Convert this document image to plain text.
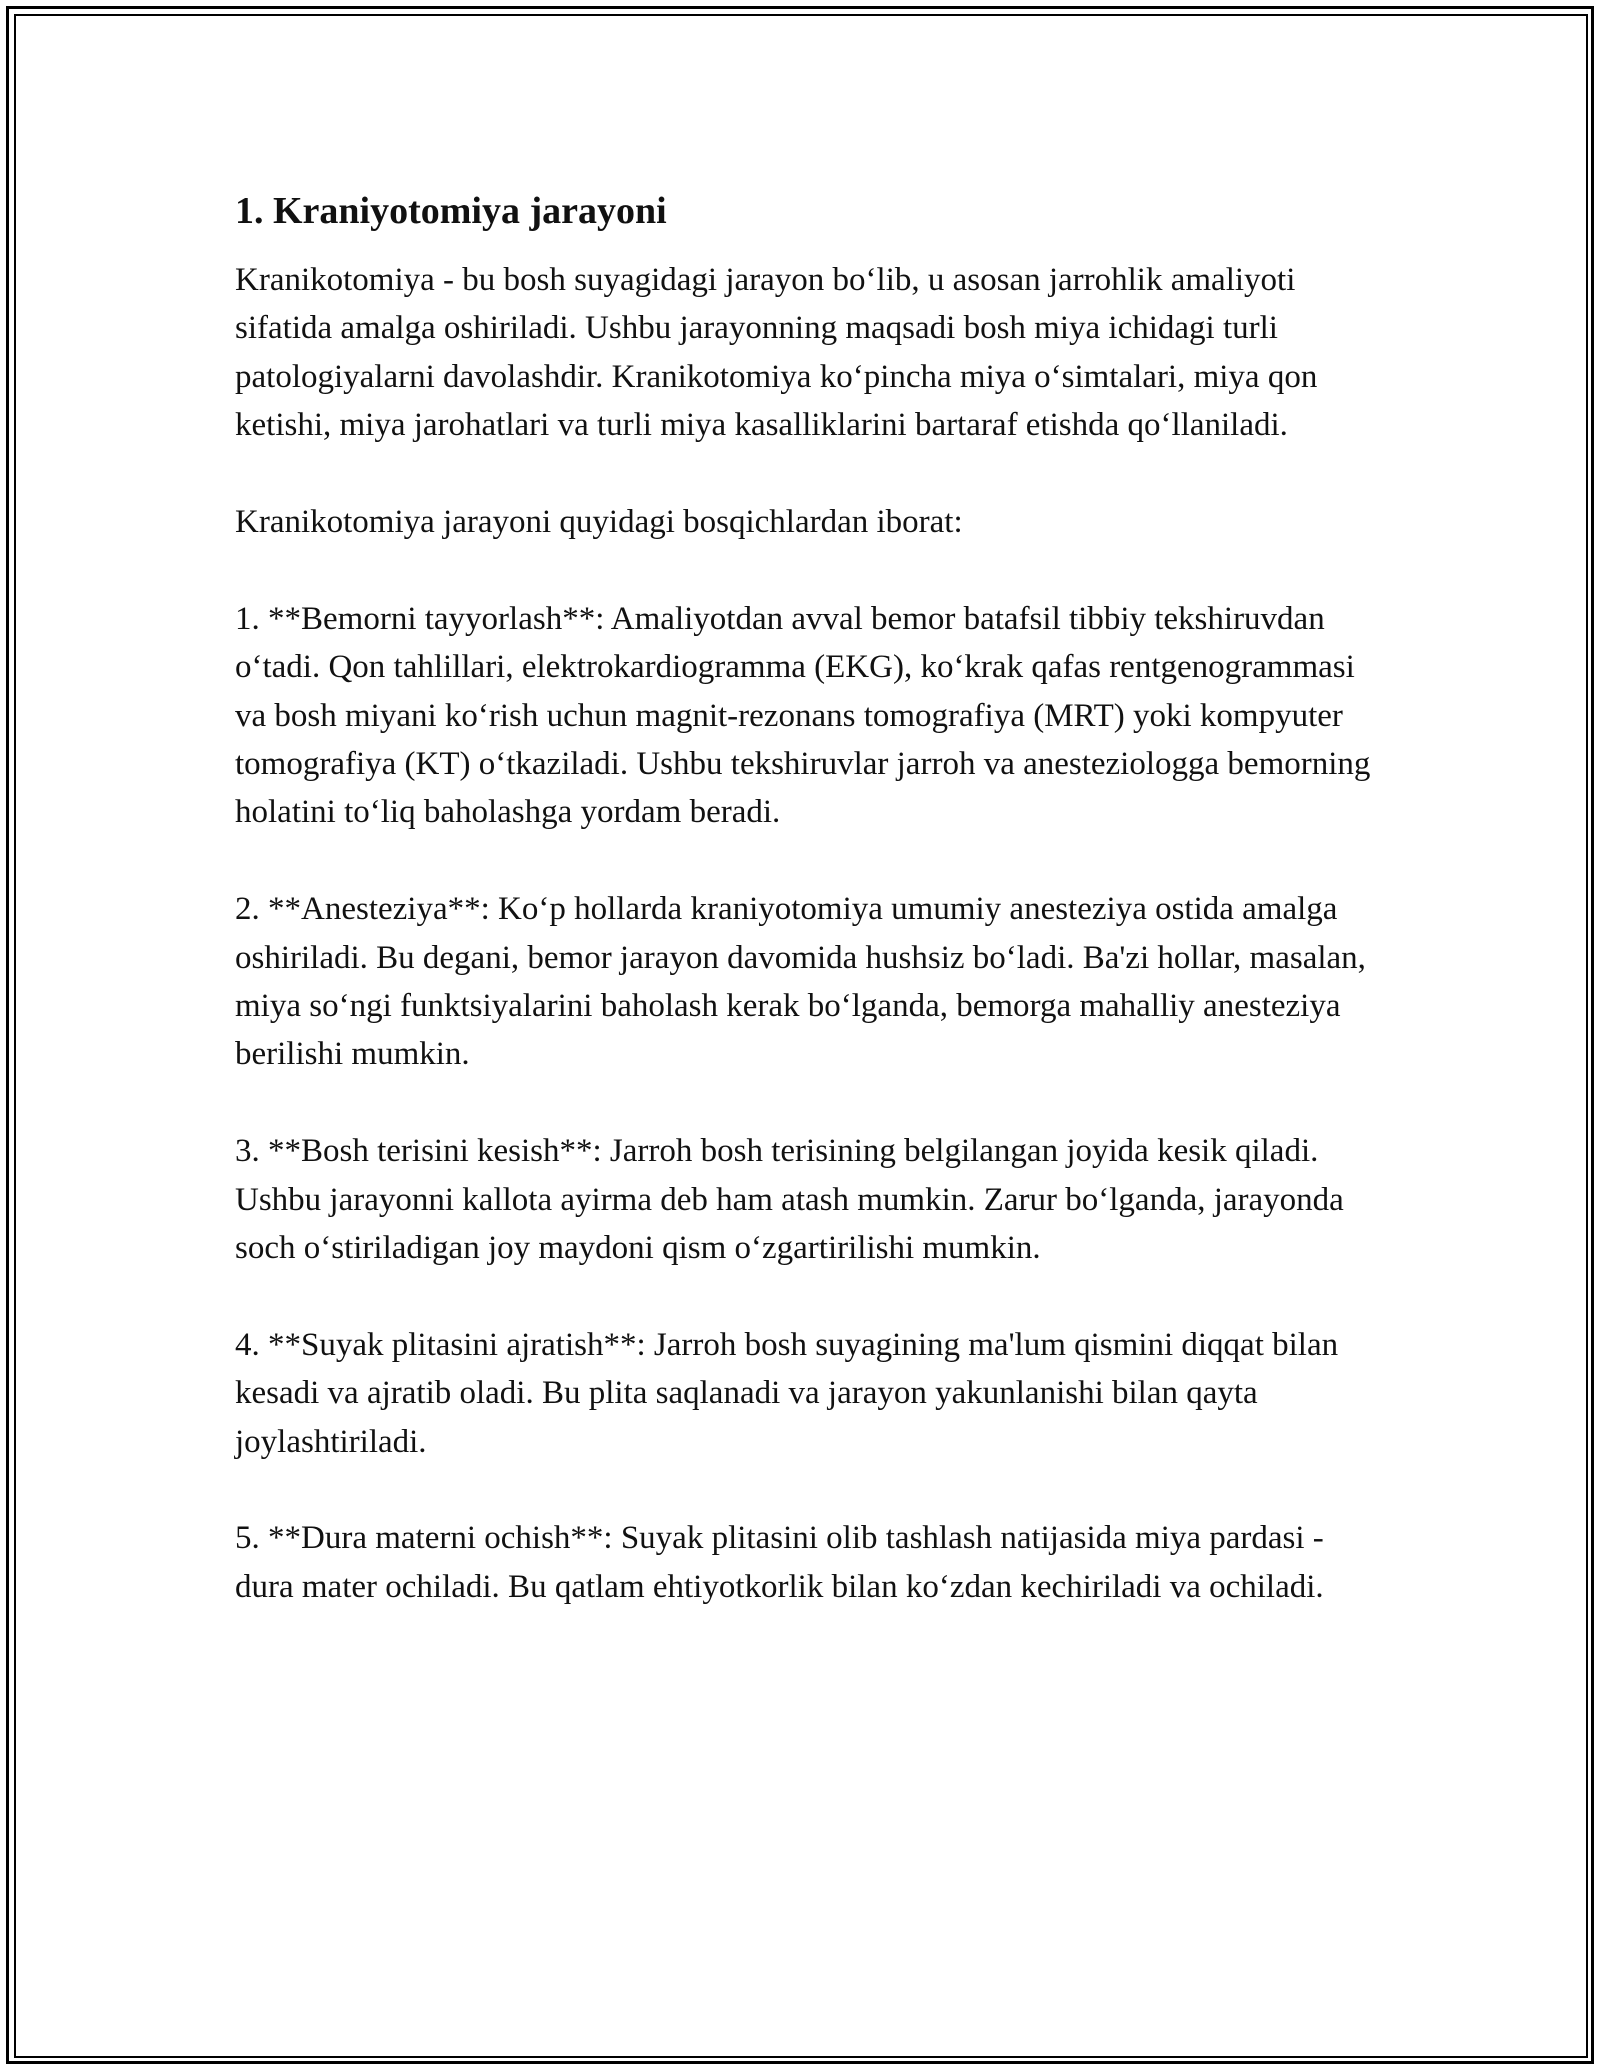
1. Kraniyotomiya jarayoni

Kranikotomiya - bu bosh suyagidagi jarayon bo‘lib, u asosan jarrohlik amaliyoti sifatida amalga oshiriladi. Ushbu jarayonning maqsadi bosh miya ichidagi turli patologiyalarni davolashdir. Kranikotomiya ko‘pincha miya o‘simtalari, miya qon ketishi, miya jarohatlari va turli miya kasalliklarini bartaraf etishda qo‘llaniladi.

Kranikotomiya jarayoni quyidagi bosqichlardan iborat:

1. **Bemorni tayyorlash**: Amaliyotdan avval bemor batafsil tibbiy tekshiruvdan o‘tadi. Qon tahlillari, elektrokardiogramma (EKG), ko‘krak qafas rentgenogrammasi va bosh miyani ko‘rish uchun magnit-rezonans tomografiya (MRT) yoki kompyuter tomografiya (KT) o‘tkaziladi. Ushbu tekshiruvlar jarroh va anesteziologga bemorning holatini to‘liq baholashga yordam beradi.

2. **Anesteziya**: Ko‘p hollarda kraniyotomiya umumiy anesteziya ostida amalga oshiriladi. Bu degani, bemor jarayon davomida hushsiz bo‘ladi. Ba'zi hollar, masalan, miya so‘ngi funktsiyalarini baholash kerak bo‘lganda, bemorga mahalliy anesteziya berilishi mumkin.

3. **Bosh terisini kesish**: Jarroh bosh terisining belgilangan joyida kesik qiladi. Ushbu jarayonni kallota ayirma deb ham atash mumkin. Zarur bo‘lganda, jarayonda soch o‘stiriladigan joy maydoni qism o‘zgartirilishi mumkin.

4. **Suyak plitasini ajratish**: Jarroh bosh suyagining ma'lum qismini diqqat bilan kesadi va ajratib oladi. Bu plita saqlanadi va jarayon yakunlanishi bilan qayta joylashtiriladi.

5. **Dura materni ochish**: Suyak plitasini olib tashlash natijasida miya pardasi - dura mater ochiladi. Bu qatlam ehtiyotkorlik bilan ko‘zdan kechiriladi va ochiladi.
